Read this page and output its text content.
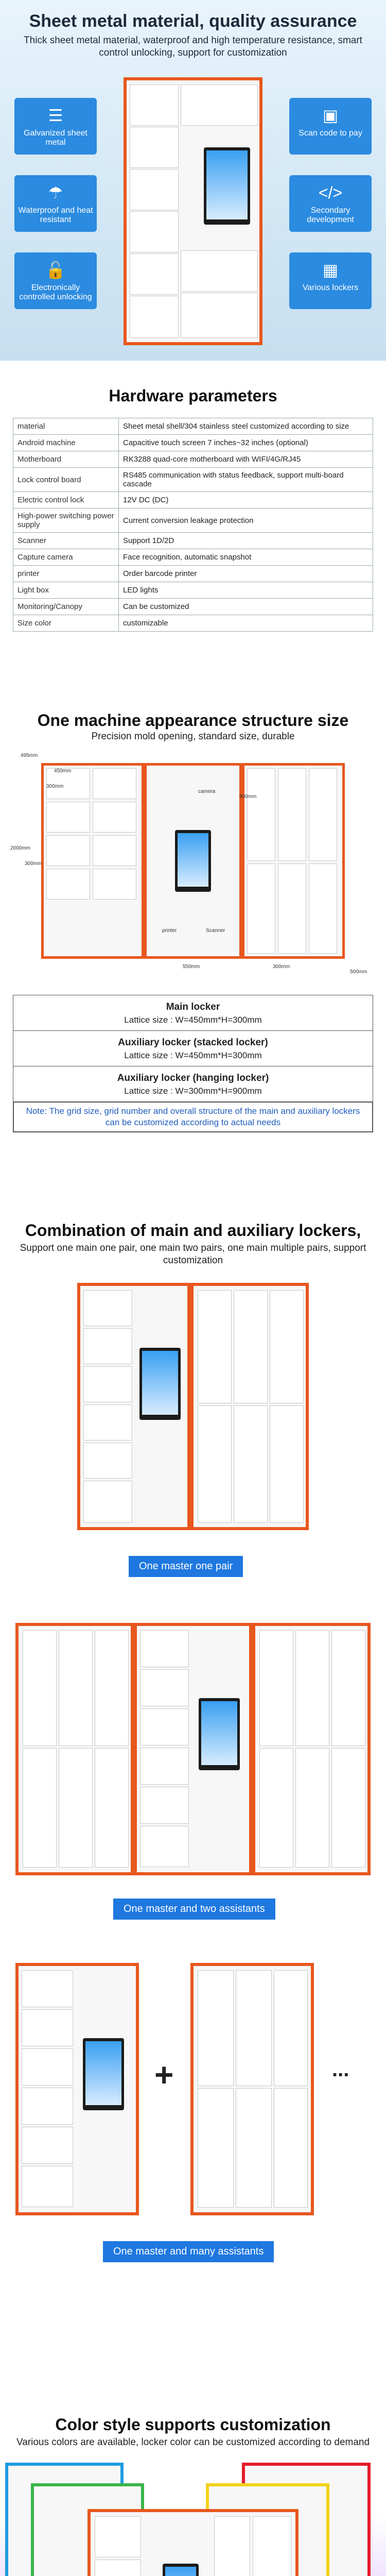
Sheet metal material, quality assurance

Thick sheet metal material, waterproof and high temperature resistance, smart control unlocking, support for customization

☰
Galvanized sheet metal
☂
Waterproof and heat resistant
🔓
Electronically controlled unlocking
▣
Scan code to pay
</>
Secondary development
▦
Various lockers
Hardware parameters
material	Sheet metal shell/304 stainless steel customized according to size
Android machine	Capacitive touch screen 7 inches~32 inches (optional)
Motherboard	RK3288 quad-core motherboard with WIFI/4G/RJ45
Lock control board	RS485 communication with status feedback, support multi-board cascade
Electric control lock	12V DC (DC)
High-power switching power supply	Current conversion leakage protection
Scanner	Support 1D/2D
Capture camera	Face recognition, automatic snapshot
printer	Order barcode printer
Light box	LED lights
Monitoring/Canopy	Can be customized
Size color	customizable
One machine appearance structure size

Precision mold opening, standard size, durable

495mm
450mm
300mm
300mm
2000mm
550mm	300mm
900mm
500mm
camera
printer	Scanner

Main locker

Lattice size : W=450mm*H=300mm

Auxiliary locker (stacked locker)

Lattice size : W=450mm*H=300mm

Auxiliary locker (hanging locker)

Lattice size : W=300mm*H=900mm

Note: The grid size, grid number and overall structure of the main and auxiliary lockers can be customized according to actual needs

Combination of main and auxiliary lockers,

Support one main one pair, one main two pairs, one main multiple pairs, support customization

One master one pair
One master and two assistants
+	...
One master and many assistants
Color style supports customization

Various colors are available, locker color can be customized according to demand
